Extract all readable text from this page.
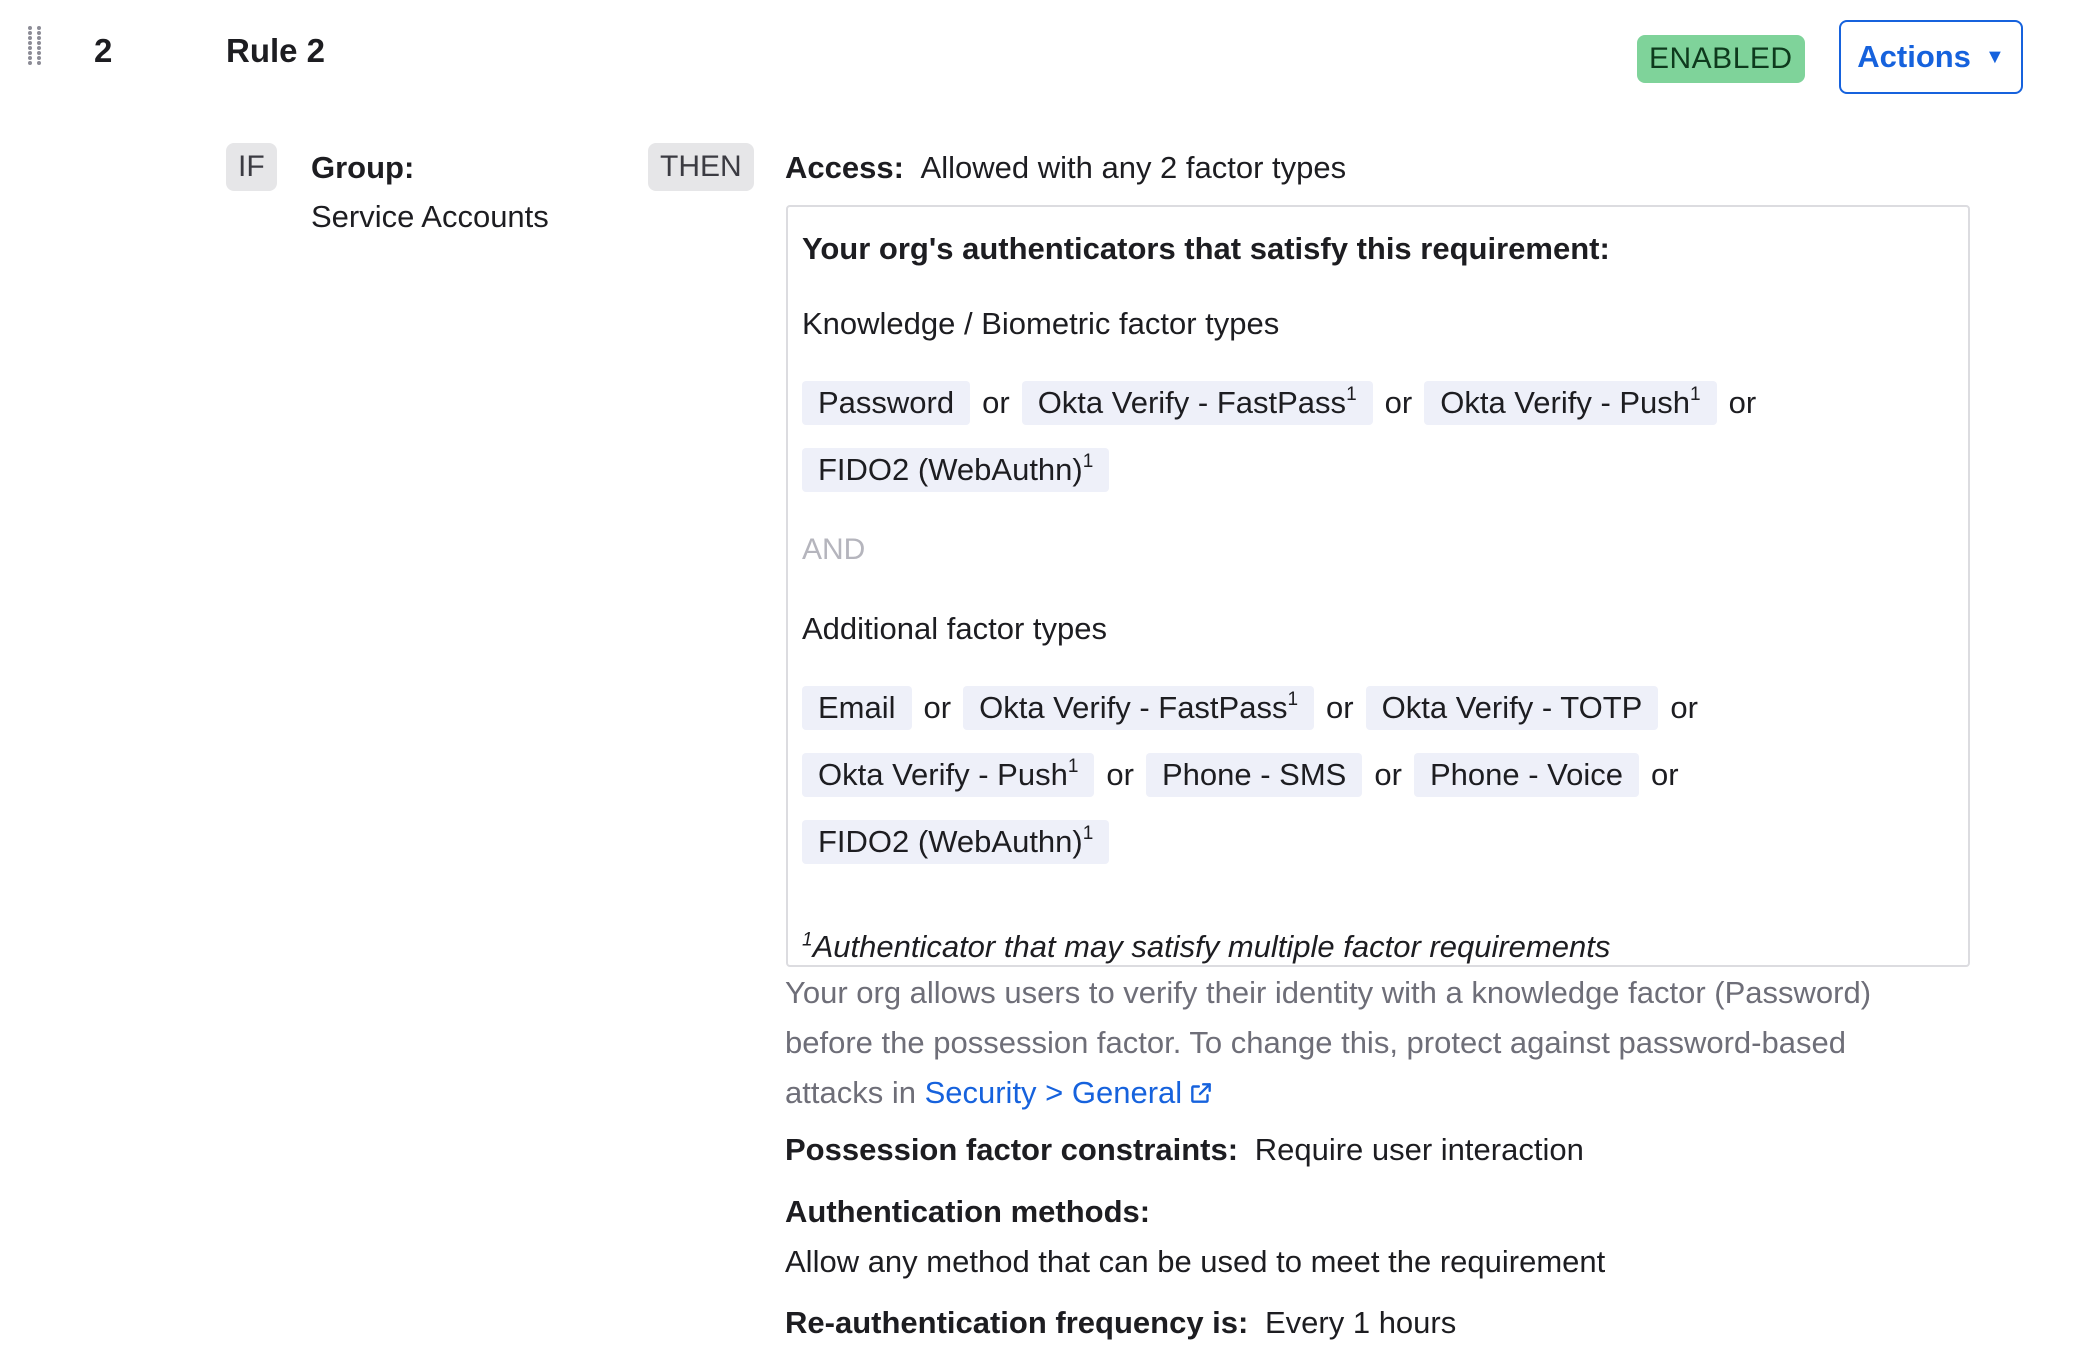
2	Rule 2	ENABLED	Actions ▼
IF	Group:
Service Accounts
THEN	Access: Allowed with any 2 factor types
Your org's authenticators that satisfy this requirement:
Knowledge / Biometric factor types
Password or Okta Verify - FastPass$^1$ or Okta Verify - Push$^1$ or
FIDO2 (WebAuthn)$^1$
AND
Additional factor types
Email or Okta Verify - FastPass$^1$ or Okta Verify - TOTP or
Okta Verify - Push$^1$ or Phone - SMS or Phone - Voice or
FIDO2 (WebAuthn)$^1$
$^1$Authenticator that may satisfy multiple factor requirements
Your org allows users to verify their identity with a knowledge factor (Password)
before the possession factor. To change this, protect against password-based
attacks in Security > General
Possession factor constraints: Require user interaction
Authentication methods:
Allow any method that can be used to meet the requirement
Re-authentication frequency is: Every 1 hours
